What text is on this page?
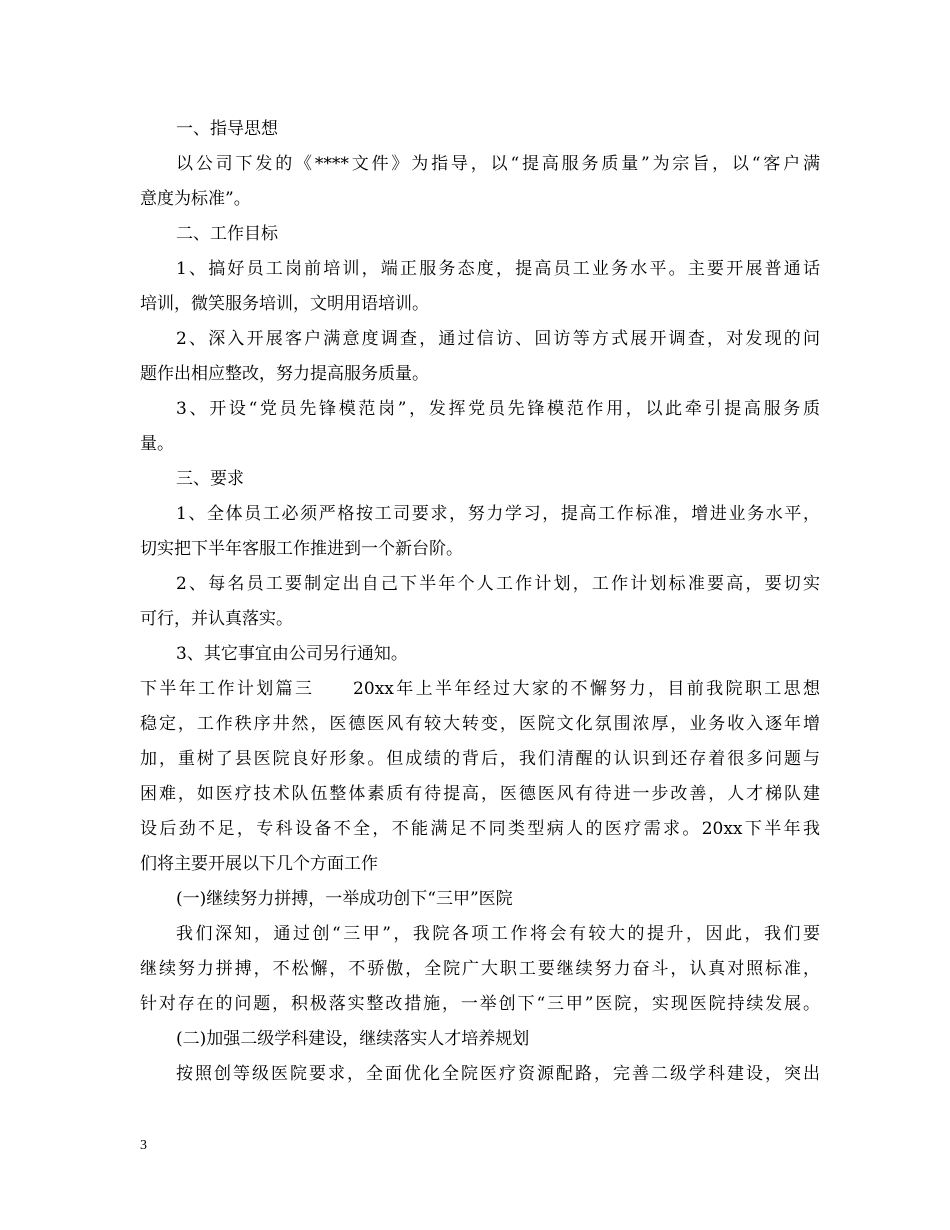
一、指导思想
以公司下发的《****文件》为指导，以“提高服务质量”为宗旨，以“客户满
意度为标准”。
二、工作目标
1、搞好员工岗前培训，端正服务态度，提高员工业务水平。主要开展普通话
培训，微笑服务培训，文明用语培训。
2、深入开展客户满意度调查，通过信访、回访等方式展开调查，对发现的问
题作出相应整改，努力提高服务质量。
3、开设“党员先锋模范岗”，发挥党员先锋模范作用，以此牵引提高服务质
量。
三、要求
1、全体员工必须严格按工司要求，努力学习，提高工作标准，增进业务水平，
切实把下半年客服工作推进到一个新台阶。
2、每名员工要制定出自己下半年个人工作计划，工作计划标准要高，要切实
可行，并认真落实。
3、其它事宜由公司另行通知。
下半年工作计划篇三　　20xx年上半年经过大家的不懈努力，目前我院职工思想
稳定，工作秩序井然，医德医风有较大转变，医院文化氛围浓厚，业务收入逐年增
加，重树了县医院良好形象。但成绩的背后，我们清醒的认识到还存着很多问题与
困难，如医疗技术队伍整体素质有待提高，医德医风有待进一步改善，人才梯队建
设后劲不足，专科设备不全，不能满足不同类型病人的医疗需求。20xx下半年我
们将主要开展以下几个方面工作
(一)继续努力拼搏，一举成功创下“三甲”医院
我们深知，通过创“三甲”，我院各项工作将会有较大的提升，因此，我们要
继续努力拼搏，不松懈，不骄傲，全院广大职工要继续努力奋斗，认真对照标准，
针对存在的问题，积极落实整改措施，一举创下“三甲”医院，实现医院持续发展。
(二)加强二级学科建设，继续落实人才培养规划
按照创等级医院要求，全面优化全院医疗资源配路，完善二级学科建设，突出
3
